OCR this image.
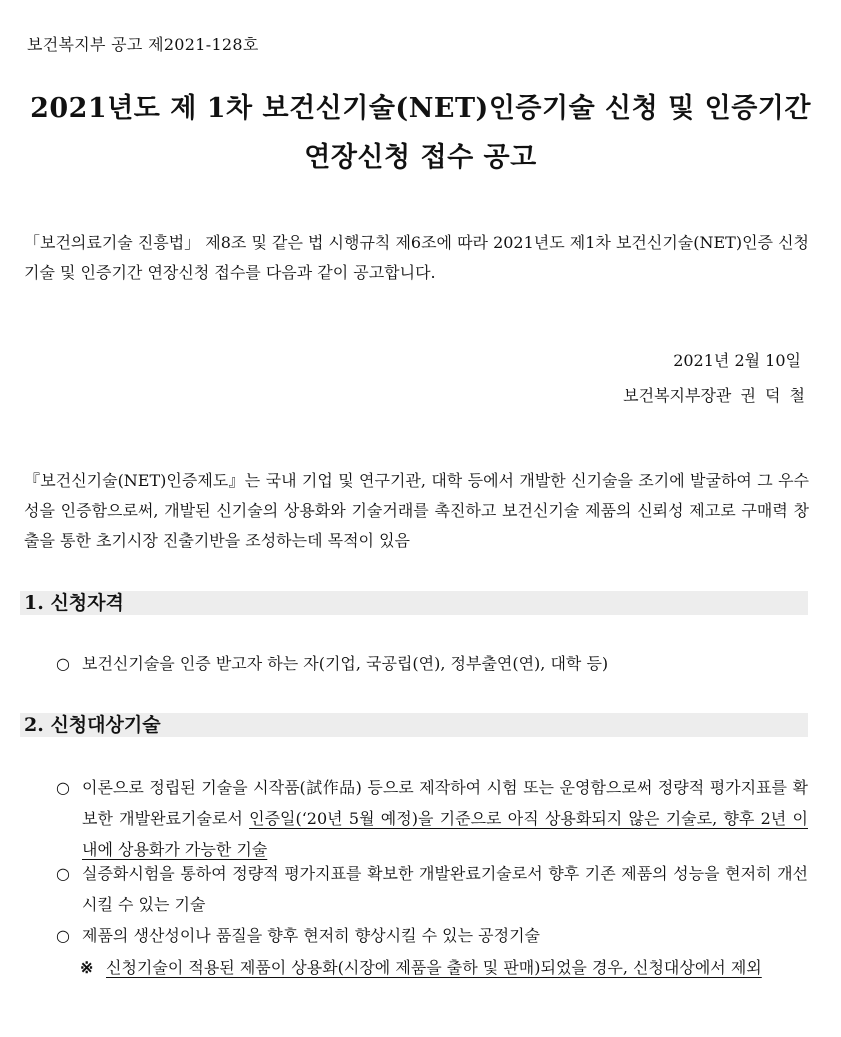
보건복지부 공고 제2021-128호
2021년도 제 1차 보건신기술(NET)인증기술 신청 및 인증기간
연장신청 접수 공고
「보건의료기술 진흥법」 제8조 및 같은 법 시행규칙 제6조에 따라 2021년도 제1차 보건신기술(NET)인증 신청기술 및 인증기간 연장신청 접수를 다음과 같이 공고합니다.
2021년 2월 10일
보건복지부장관 권 덕 철
『보건신기술(NET)인증제도』는 국내 기업 및 연구기관, 대학 등에서 개발한 신기술을 조기에 발굴하여 그 우수성을 인증함으로써, 개발된 신기술의 상용화와 기술거래를 촉진하고 보건신기술 제품의 신뢰성 제고로 구매력 창출을 통한 초기시장 진출기반을 조성하는데 목적이 있음
1. 신청자격
○ 보건신기술을 인증 받고자 하는 자(기업, 국공립(연), 정부출연(연), 대학 등)
2. 신청대상기술
○ 이론으로 정립된 기술을 시작품(試作品) 등으로 제작하여 시험 또는 운영함으로써 정량적 평가지표를 확보한 개발완료기술로서 인증일(‘20년 5월 예정)을 기준으로 아직 상용화되지 않은 기술로, 향후 2년 이내에 상용화가 가능한 기술
○ 실증화시험을 통하여 정량적 평가지표를 확보한 개발완료기술로서 향후 기존 제품의 성능을 현저히 개선시킬 수 있는 기술
○ 제품의 생산성이나 품질을 향후 현저히 향상시킬 수 있는 공정기술
※ 신청기술이 적용된 제품이 상용화(시장에 제품을 출하 및 판매)되었을 경우, 신청대상에서 제외
